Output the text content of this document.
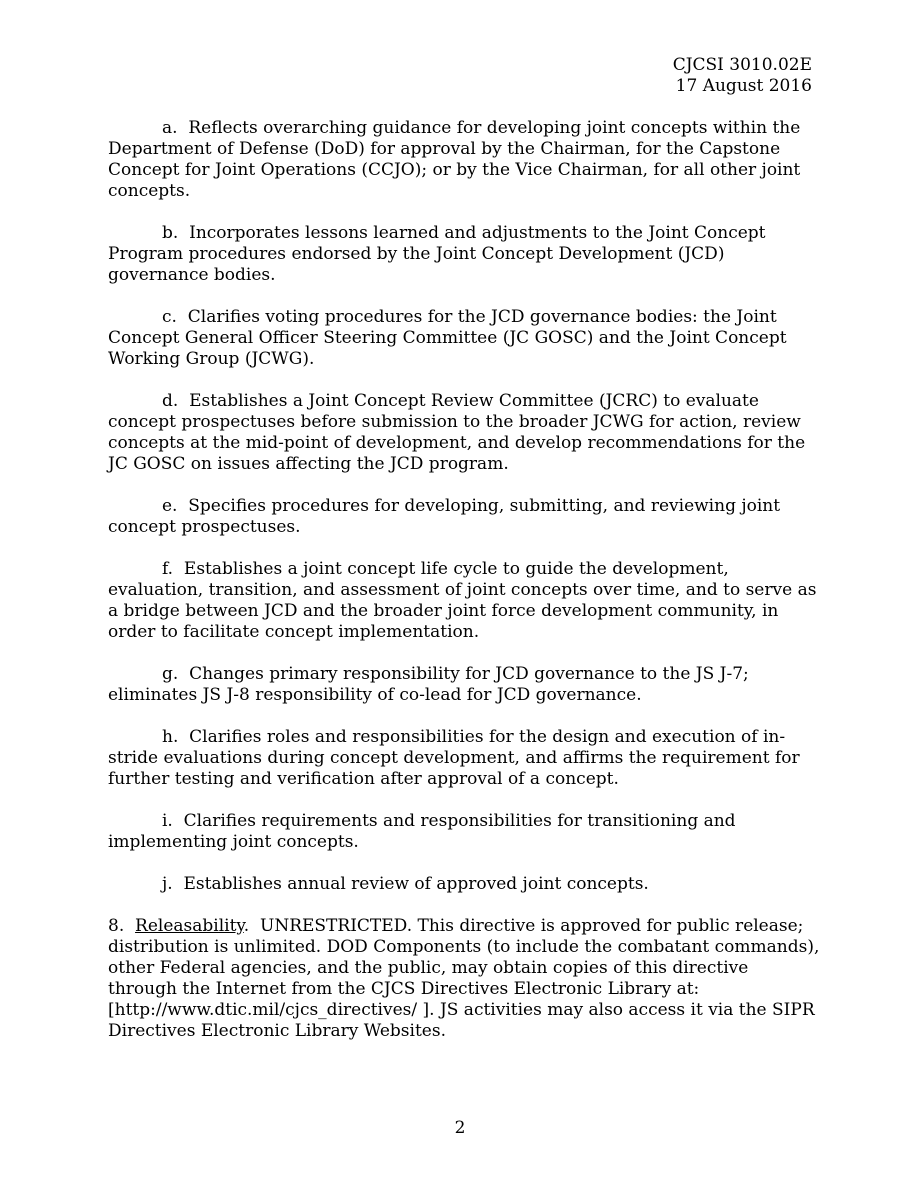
CJCSI 3010.02E
17 August 2016

a. Reflects overarching guidance for developing joint concepts within the Department of Defense (DoD) for approval by the Chairman, for the Capstone Concept for Joint Operations (CCJO); or by the Vice Chairman, for all other joint concepts.

b. Incorporates lessons learned and adjustments to the Joint Concept Program procedures endorsed by the Joint Concept Development (JCD) governance bodies.

c. Clarifies voting procedures for the JCD governance bodies: the Joint Concept General Officer Steering Committee (JC GOSC) and the Joint Concept Working Group (JCWG).

d. Establishes a Joint Concept Review Committee (JCRC) to evaluate concept prospectuses before submission to the broader JCWG for action, review concepts at the mid-point of development, and develop recommendations for the JC GOSC on issues affecting the JCD program.

e. Specifies procedures for developing, submitting, and reviewing joint concept prospectuses.

f. Establishes a joint concept life cycle to guide the development, evaluation, transition, and assessment of joint concepts over time, and to serve as a bridge between JCD and the broader joint force development community, in order to facilitate concept implementation.

g. Changes primary responsibility for JCD governance to the JS J-7; eliminates JS J-8 responsibility of co-lead for JCD governance.

h. Clarifies roles and responsibilities for the design and execution of in-stride evaluations during concept development, and affirms the requirement for further testing and verification after approval of a concept.

i. Clarifies requirements and responsibilities for transitioning and implementing joint concepts.

j. Establishes annual review of approved joint concepts.

8. Releasability.  UNRESTRICTED. This directive is approved for public release; distribution is unlimited. DOD Components (to include the combatant commands), other Federal agencies, and the public, may obtain copies of this directive through the Internet from the CJCS Directives Electronic Library at: [http://www.dtic.mil/cjcs_directives/ ]. JS activities may also access it via the SIPR Directives Electronic Library Websites.

2
